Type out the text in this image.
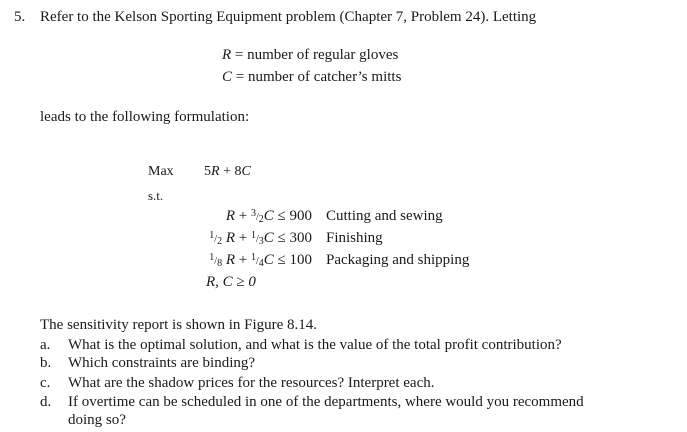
5. Refer to the Kelson Sporting Equipment problem (Chapter 7, Problem 24). Letting
R = number of regular gloves
C = number of catcher’s mitts
leads to the following formulation:
Max 5R + 8C
s.t.
R + 3/2C ≤ 900 Cutting and sewing
1/2 R + 1/3C ≤ 300 Finishing
1/8 R + 1/4C ≤ 100 Packaging and shipping
R, C ≥ 0
The sensitivity report is shown in Figure 8.14.
a. What is the optimal solution, and what is the value of the total profit contribution?
b. Which constraints are binding?
c. What are the shadow prices for the resources? Interpret each.
d. If overtime can be scheduled in one of the departments, where would you recommend
doing so?
